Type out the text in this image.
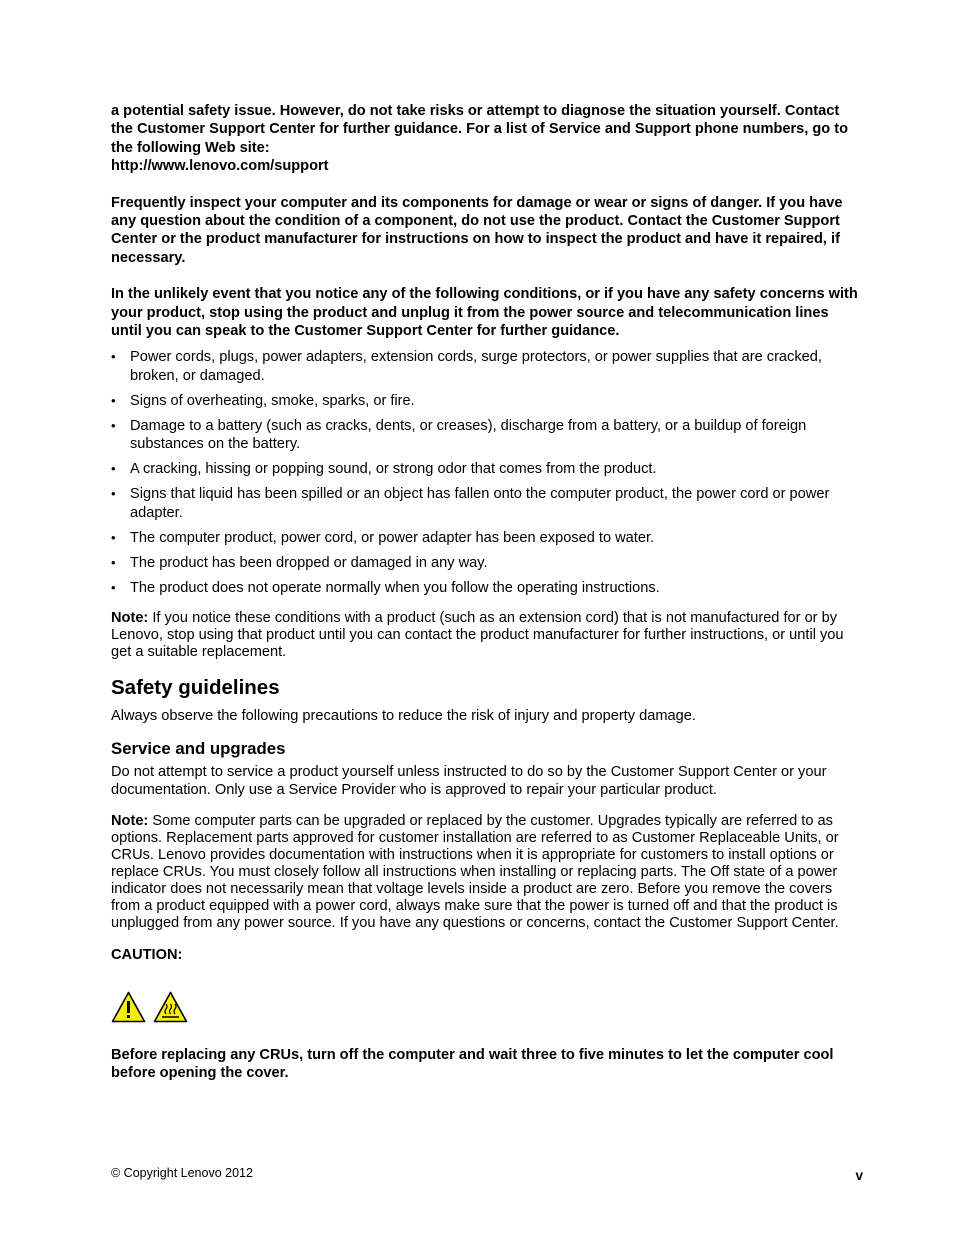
a potential safety issue. However, do not take risks or attempt to diagnose the situation yourself. Contact the Customer Support Center for further guidance. For a list of Service and Support phone numbers, go to the following Web site:
http://www.lenovo.com/support

Frequently inspect your computer and its components for damage or wear or signs of danger. If you have any question about the condition of a component, do not use the product. Contact the Customer Support Center or the product manufacturer for instructions on how to inspect the product and have it repaired, if necessary.

In the unlikely event that you notice any of the following conditions, or if you have any safety concerns with your product, stop using the product and unplug it from the power source and telecommunication lines until you can speak to the Customer Support Center for further guidance.

• Power cords, plugs, power adapters, extension cords, surge protectors, or power supplies that are cracked, broken, or damaged.
• Signs of overheating, smoke, sparks, or fire.
• Damage to a battery (such as cracks, dents, or creases), discharge from a battery, or a buildup of foreign substances on the battery.
• A cracking, hissing or popping sound, or strong odor that comes from the product.
• Signs that liquid has been spilled or an object has fallen onto the computer product, the power cord or power adapter.
• The computer product, power cord, or power adapter has been exposed to water.
• The product has been dropped or damaged in any way.
• The product does not operate normally when you follow the operating instructions.

Note: If you notice these conditions with a product (such as an extension cord) that is not manufactured for or by Lenovo, stop using that product until you can contact the product manufacturer for further instructions, or until you get a suitable replacement.

Safety guidelines

Always observe the following precautions to reduce the risk of injury and property damage.

Service and upgrades

Do not attempt to service a product yourself unless instructed to do so by the Customer Support Center or your documentation. Only use a Service Provider who is approved to repair your particular product.

Note: Some computer parts can be upgraded or replaced by the customer. Upgrades typically are referred to as options. Replacement parts approved for customer installation are referred to as Customer Replaceable Units, or CRUs. Lenovo provides documentation with instructions when it is appropriate for customers to install options or replace CRUs. You must closely follow all instructions when installing or replacing parts. The Off state of a power indicator does not necessarily mean that voltage levels inside a product are zero. Before you remove the covers from a product equipped with a power cord, always make sure that the power is turned off and that the product is unplugged from any power source. If you have any questions or concerns, contact the Customer Support Center.

CAUTION:

Before replacing any CRUs, turn off the computer and wait three to five minutes to let the computer cool before opening the cover.

© Copyright Lenovo 2012	v
